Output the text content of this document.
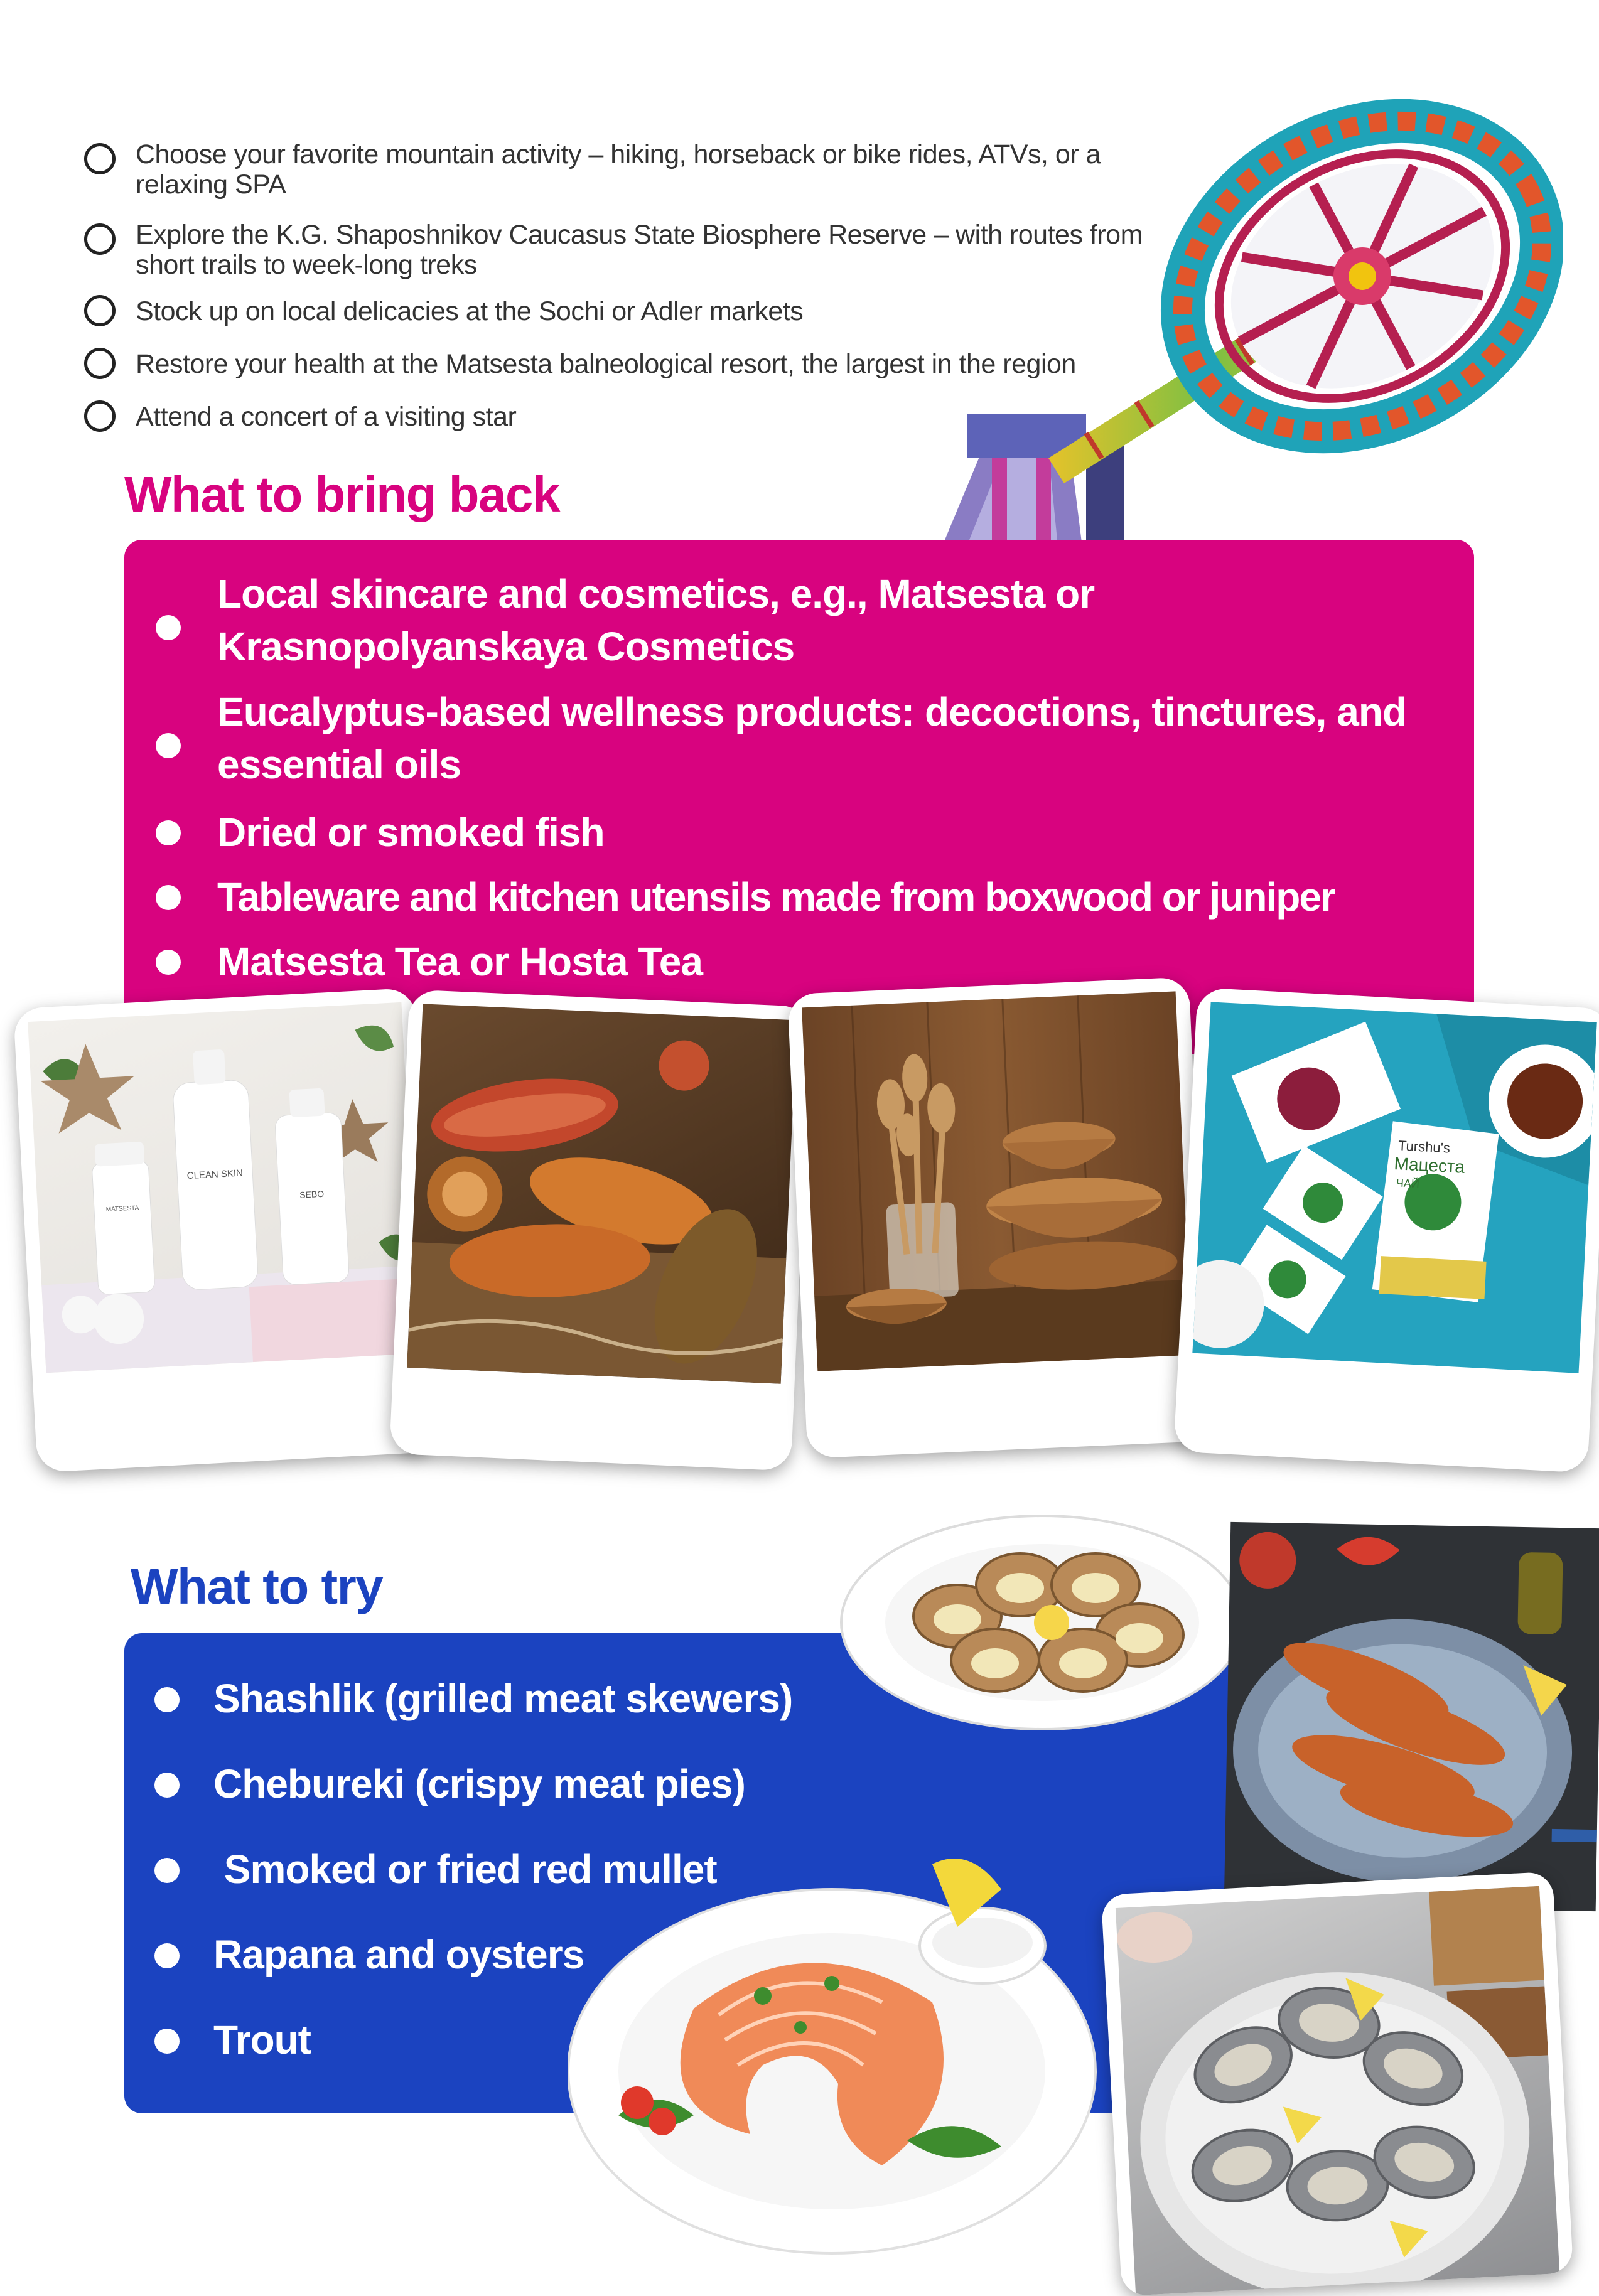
Choose your favorite mountain activity – hiking, horseback or bike rides, ATVs, or a relaxing SPA
Explore the K.G. Shaposhnikov Caucasus State Biosphere Reserve – with routes from short trails to week-long treks
Stock up on local delicacies at the Sochi or Adler markets
Restore your health at the Matsesta balneological resort, the largest in the region
Attend a concert of a visiting star
What to bring back
Local skincare and cosmetics, e.g., Matsesta or Krasnopolyanskaya Cosmetics
Eucalyptus-based wellness products: decoctions, tinctures, and essential oils
Dried or smoked fish
Tableware and kitchen utensils made from boxwood or juniper
Matsesta Tea or Hosta Tea
MATSESTA
CLEAN SKIN
SEBO
Turshu's
Мацеста
ЧАЙ
What to try
Shashlik (grilled meat skewers)
Chebureki (crispy meat pies)
Smoked or fried red mullet
Rapana and oysters
Trout
